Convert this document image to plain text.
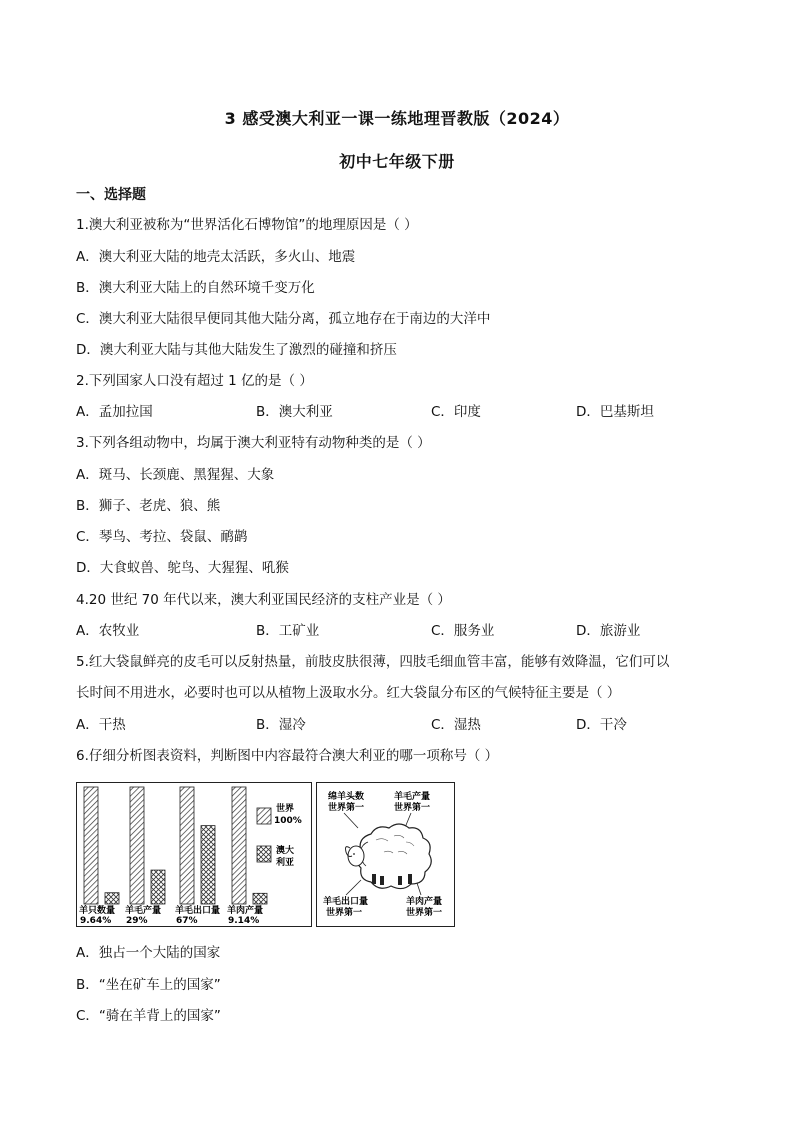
3 感受澳大利亚一课一练地理晋教版（2024）
初中七年级下册
一、选择题
1.澳大利亚被称为“世界活化石博物馆”的地理原因是（ ）
A．澳大利亚大陆的地壳太活跃，多火山、地震
B．澳大利亚大陆上的自然环境千变万化
C．澳大利亚大陆很早便同其他大陆分离，孤立地存在于南边的大洋中
D．澳大利亚大陆与其他大陆发生了激烈的碰撞和挤压
2.下列国家人口没有超过 1 亿的是（ ）
A．孟加拉国	B．澳大利亚	C．印度	D．巴基斯坦
3.下列各组动物中，均属于澳大利亚特有动物种类的是（ ）
A．斑马、长颈鹿、黑猩猩、大象
B．狮子、老虎、狼、熊
C．琴鸟、考拉、袋鼠、鸸鹋
D．大食蚁兽、鸵鸟、大猩猩、吼猴
4.20 世纪 70 年代以来，澳大利亚国民经济的支柱产业是（ ）
A．农牧业	B．工矿业	C．服务业	D．旅游业
5.红大袋鼠鲜亮的皮毛可以反射热量，前肢皮肤很薄，四肢毛细血管丰富，能够有效降温，它们可以
长时间不用进水，必要时也可以从植物上汲取水分。红大袋鼠分布区的气候特征主要是（ ）
A．干热	B．湿冷	C．湿热	D．干冷
6.仔细分析图表资料，判断图中内容最符合澳大利亚的哪一项称号（ ）
世界
100%
澳大
利亚
羊只数量
9.64%
羊毛产量
29%
羊毛出口量
67%
羊肉产量
9.14%
绵羊头数
世界第一
羊毛产量
世界第一
羊毛出口量
世界第一
羊肉产量
世界第一
A．独占一个大陆的国家
B．“坐在矿车上的国家”
C．“骑在羊背上的国家”
